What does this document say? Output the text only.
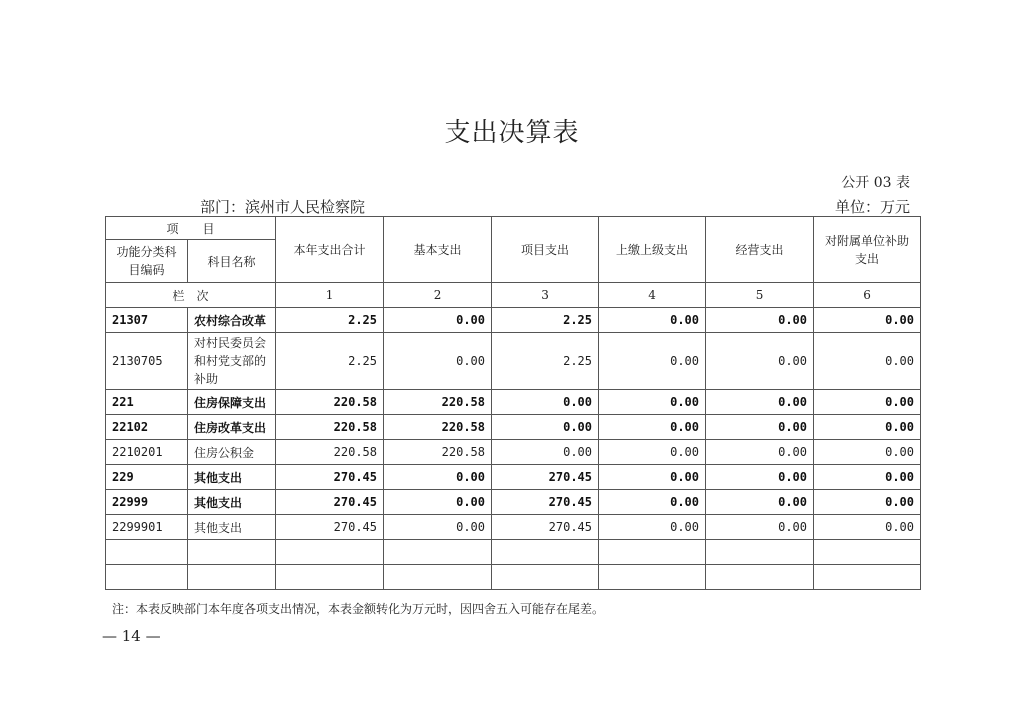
支出决算表
公开 03 表
部门：滨州市人民检察院	单位：万元
项　　目		本年支出合计	基本支出	项目支出	上缴上级支出	经营支出	对附属单位补助支出
功能分类科目编码	科目名称						
栏　次		1	2	3	4	5	6
21307	农村综合改革	2.25	0.00	2.25	0.00	0.00	0.00
2130705	对村民委员会和村党支部的补助	2.25	0.00	2.25	0.00	0.00	0.00
221	住房保障支出	220.58	220.58	0.00	0.00	0.00	0.00
22102	住房改革支出	220.58	220.58	0.00	0.00	0.00	0.00
2210201	住房公积金	220.58	220.58	0.00	0.00	0.00	0.00
229	其他支出	270.45	0.00	270.45	0.00	0.00	0.00
22999	其他支出	270.45	0.00	270.45	0.00	0.00	0.00
2299901	其他支出	270.45	0.00	270.45	0.00	0.00	0.00

注：本表反映部门本年度各项支出情况，本表金额转化为万元时，因四舍五入可能存在尾差。
— 14 —
